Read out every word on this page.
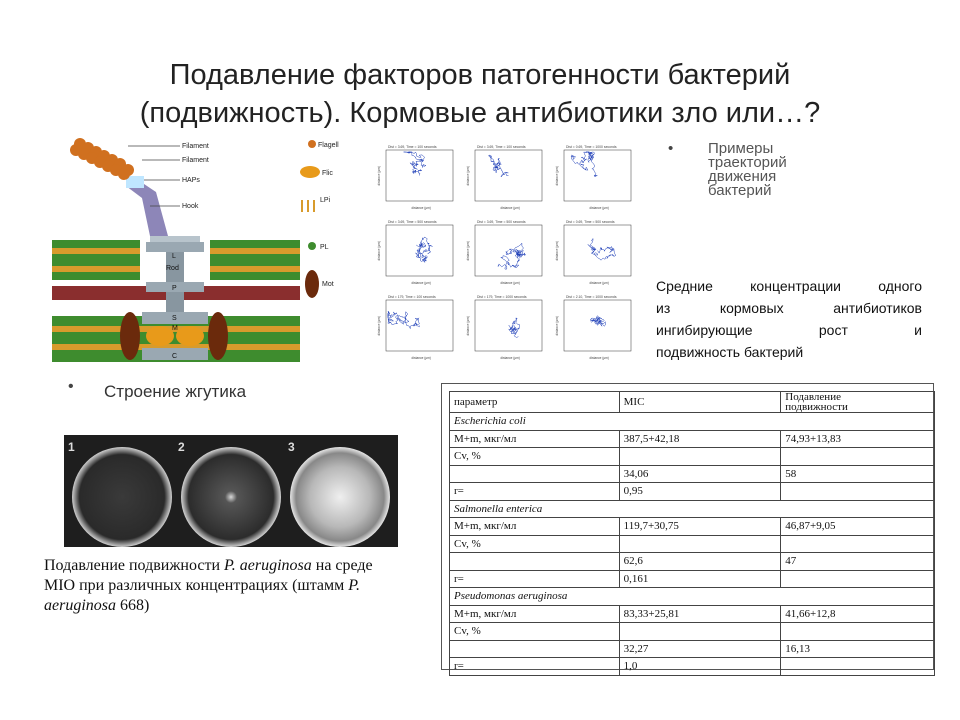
Подавление факторов патогенности бактерий
(подвижность). Кормовые антибиотики зло или…?
Filament
Filament
HAPs
Hook
L
Rod
P
S
M
C
Flagell
Flic
LPi
PL
Mot
Dist = 3.69, Time = 100 seconds
distance (μm)
distance (μm)
Dist = 3.69, Time = 100 seconds
distance (μm)
distance (μm)
Dist = 0.69, Time = 1000 seconds
distance (μm)
distance (μm)
Dist = 3.69, Time = 500 seconds
distance (μm)
distance (μm)
Dist = 3.69, Time = 500 seconds
distance (μm)
distance (μm)
Dist = 0.69, Time = 500 seconds
distance (μm)
distance (μm)
Dist = 179, Time = 100 seconds
distance (μm)
distance (μm)
Dist = 179, Time = 1000 seconds
distance (μm)
distance (μm)
Dist = 2.10, Time = 1000 seconds
distance (μm)
distance (μm)
• Примеры
траекторий
движения
бактерий
Средние концентрации одного
из кормовых антибиотиков
ингибирующие рост и
подвижность бактерий
• Строение жгутика
1	2	3
Подавление подвижности P. aeruginosa на среде МІО при различных концентрациях (штамм P. aeruginosa 668)
параметр	MIC	Подавление
подвижности
Escherichia coli		
M+m, мкг/мл	387,5+42,18	74,93+13,83
Cv, %		
	34,06	58
r=	0,95	
Salmonella enterica		
M+m, мкг/мл	119,7+30,75	46,87+9,05
Cv, %		
	62,6	47
r=	0,161	
Pseudomonas aeruginosa		
M+m, мкг/мл	83,33+25,81	41,66+12,8
Cv, %		
	32,27	16,13
r=	1,0	
